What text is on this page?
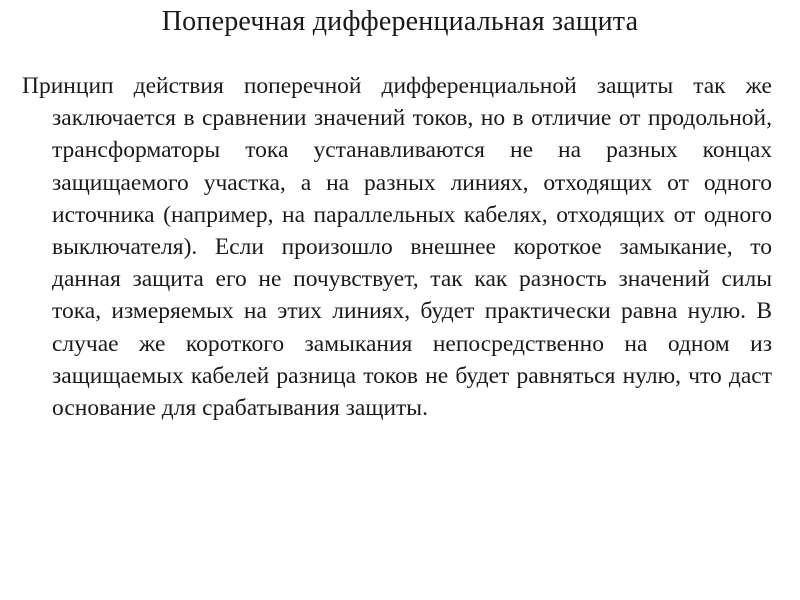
Поперечная дифференциальная защита

Принцип действия поперечной дифференциальной защиты так же заключается в сравнении значений токов, но в отличие от продольной, трансформаторы тока устанавливаются не на разных концах защищаемого участка, а на разных линиях, отходящих от одного источника (например, на параллельных кабелях, отходящих от одного выключателя). Если произошло внешнее короткое замыкание, то данная защита его не почувствует, так как разность значений силы тока, измеряемых на этих линиях, будет практически равна нулю. В случае же короткого замыкания непосредственно на одном из защищаемых кабелей разница токов не будет равняться нулю, что даст основание для срабатывания защиты.
